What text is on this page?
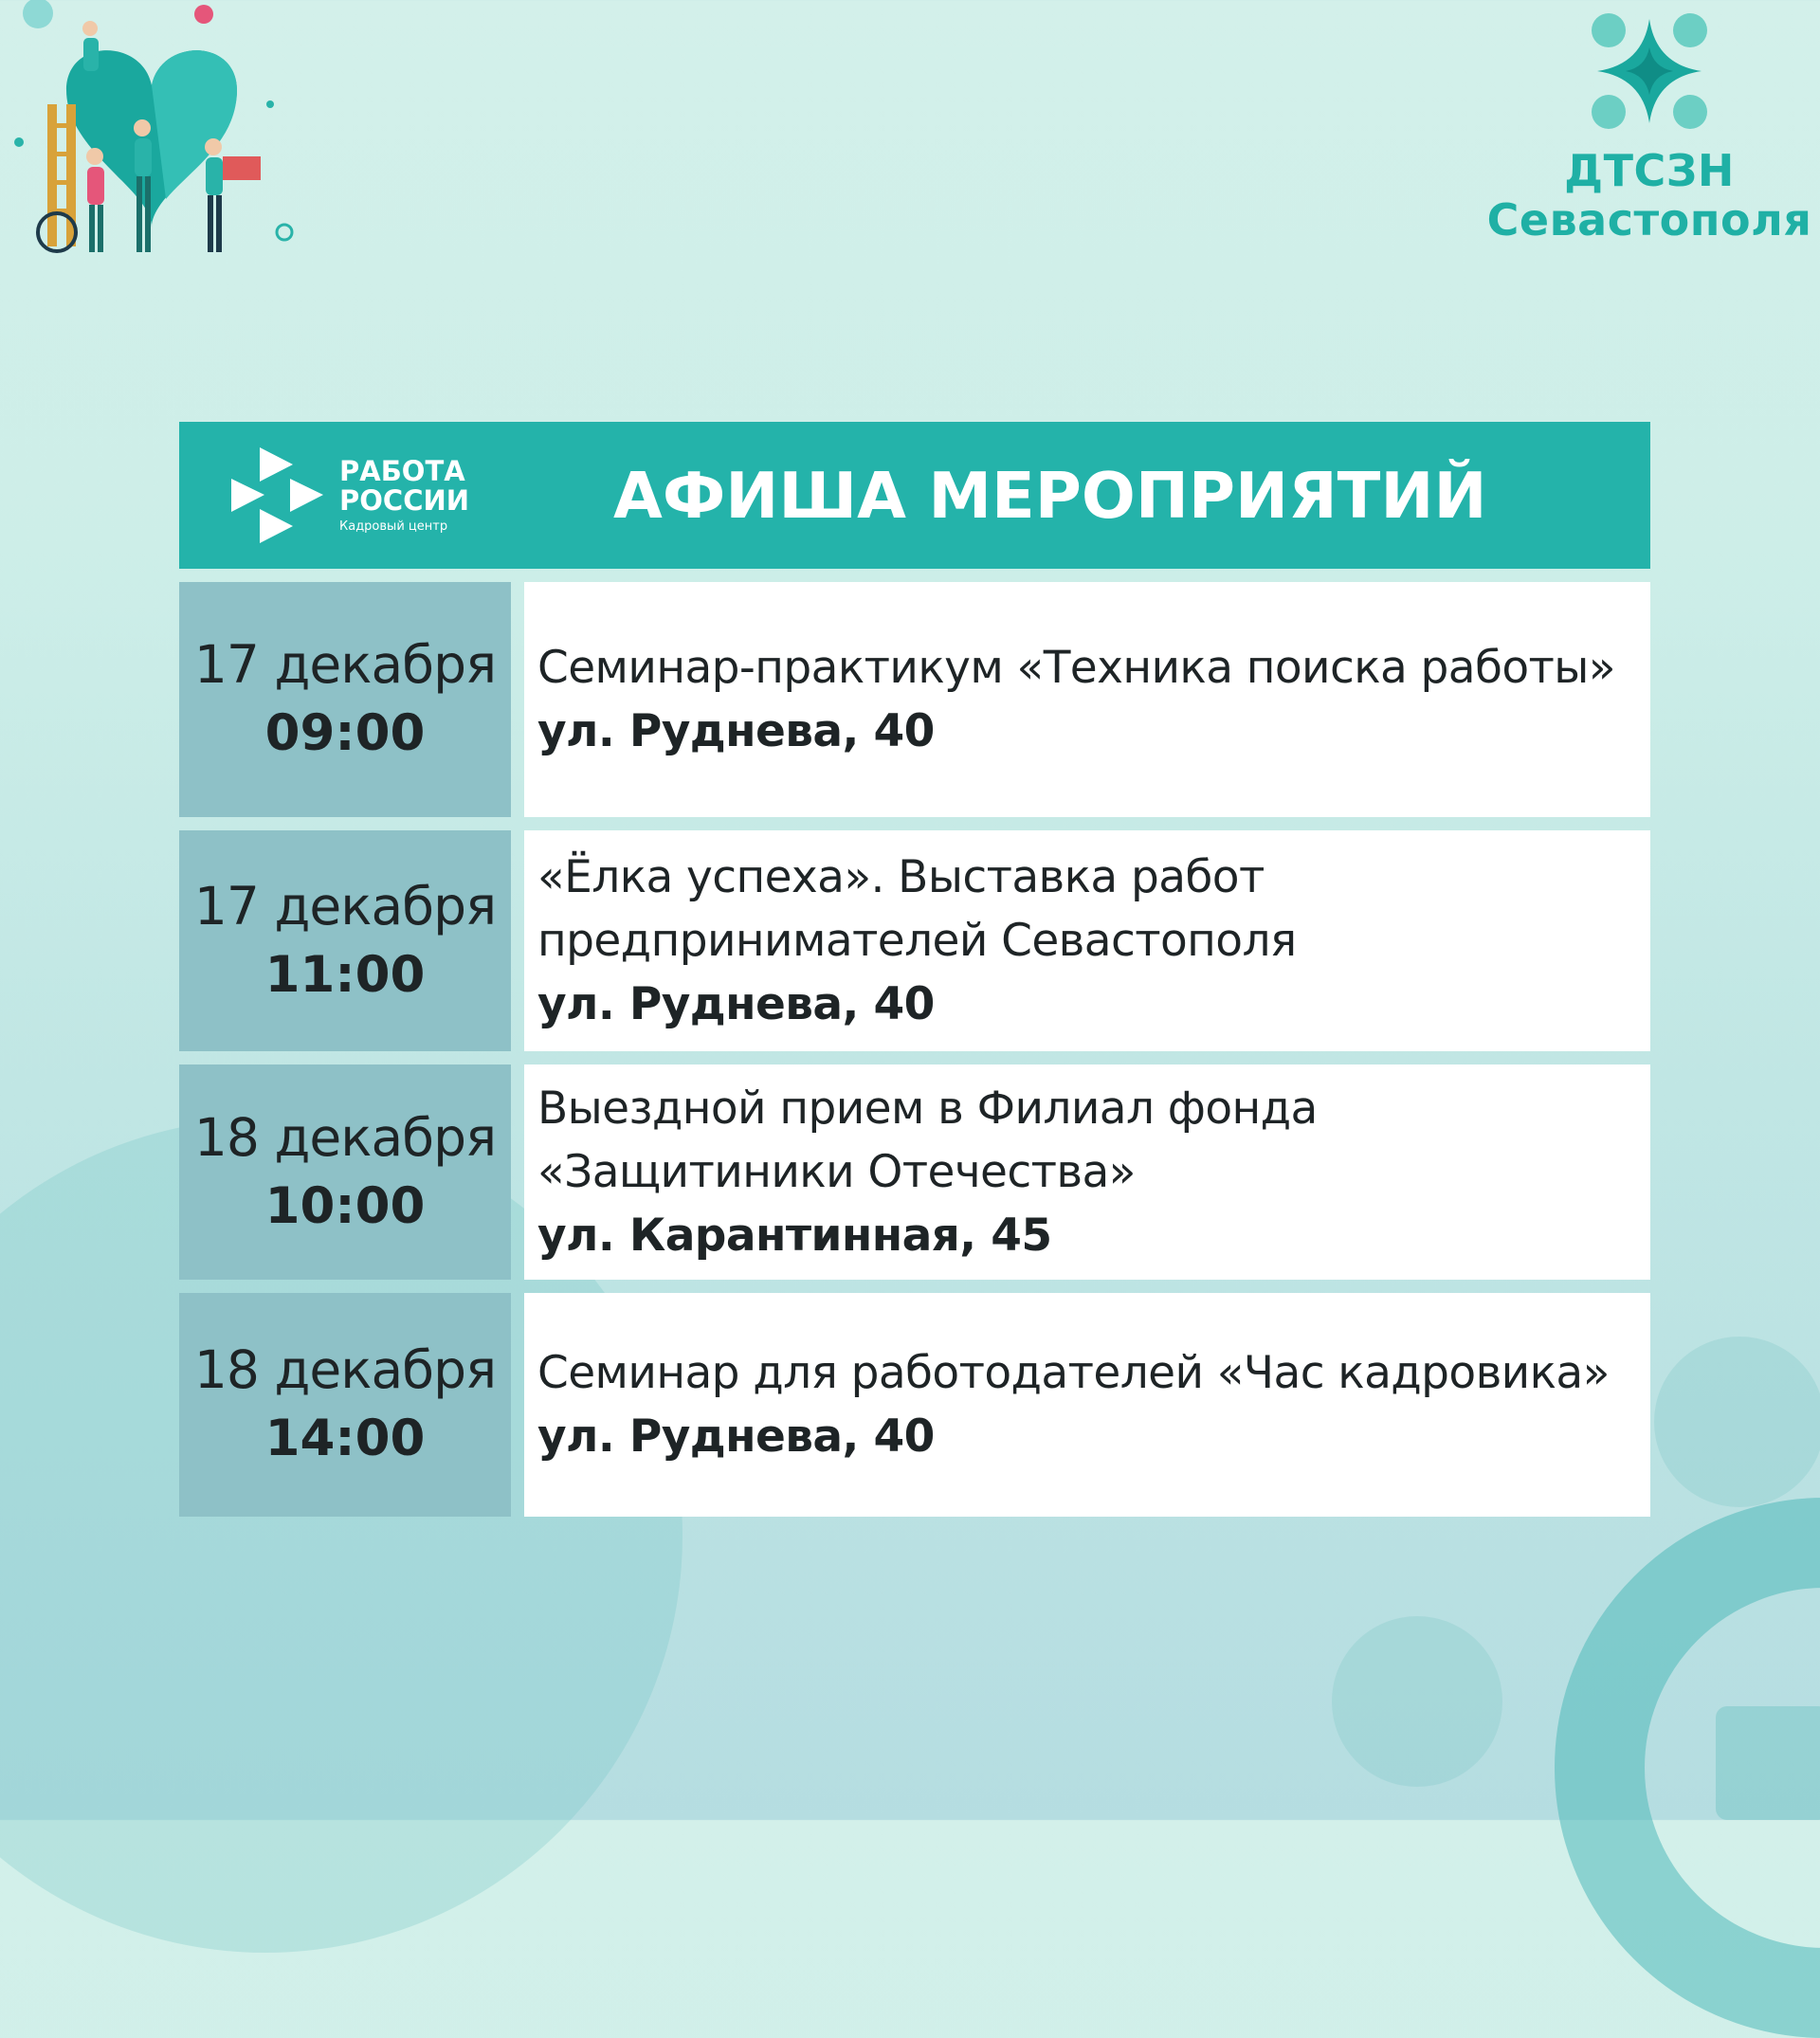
ДТСЗН
Севастополя
РАБОТА
РОССИИ
Кадровый центр	АФИША МЕРОПРИЯТИЙ
17 декабря
09:00
Семинар-практикум «Техника поиска работы»
ул. Руднева, 40
17 декабря
11:00
«Ёлка успеха». Выставка работ
предпринимателей Севастополя
ул. Руднева, 40
18 декабря
10:00
Выездной прием в Филиал фонда
«Защитиники Отечества»
ул. Карантинная, 45
18 декабря
14:00
Семинар для работодателей «Час кадровика»
ул. Руднева, 40
